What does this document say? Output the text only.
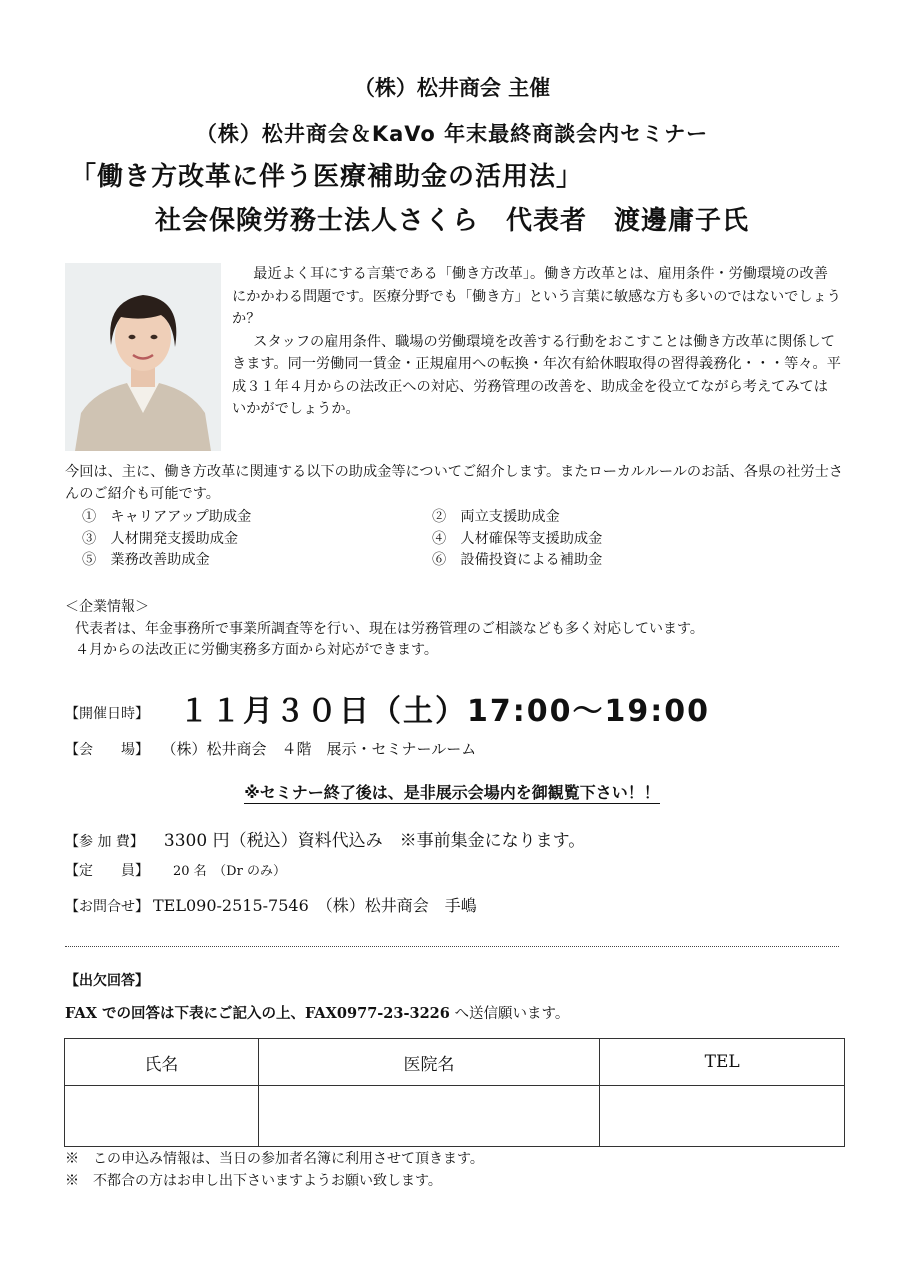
（株）松井商会 主催
（株）松井商会＆KaVo 年末最終商談会内セミナー
「働き方改革に伴う医療補助金の活用法」
社会保険労務士法人さくら　代表者　渡邊庸子氏

最近よく耳にする言葉である「働き方改革」。働き方改革とは、雇用条件・労働環境の改善にかかわる問題です。医療分野でも「働き方」という言葉に敏感な方も多いのではないでしょうか？

スタッフの雇用条件、職場の労働環境を改善する行動をおこすことは働き方改革に関係してきます。同一労働同一賃金・正規雇用への転換・年次有給休暇取得の習得義務化・・・等々。平成３１年４月からの法改正への対応、労務管理の改善を、助成金を役立てながら考えてみてはいかがでしょうか。

今回は、主に、働き方改革に関連する以下の助成金等についてご紹介します。またローカルルールのお話、各県の社労士さんのご紹介も可能です。
①　キャリアアップ助成金	②　両立支援助成金
③　人材開発支援助成金	④　人材確保等支援助成金
⑤　業務改善助成金	⑥　設備投資による補助金
＜企業情報＞
代表者は、年金事務所で事業所調査等を行い、現在は労務管理のご相談なども多く対応しています。
４月からの法改正に労働実務多方面から対応ができます。
【開催日時】 １１月３０日（土）17:00〜19:00
【会　　場】 （株）松井商会　４階　展示・セミナールーム
※セミナー終了後は、是非展示会場内を御観覧下さい！！
【参 加 費】 3300 円（税込）資料代込み　※事前集金になります。
【定　　員】 20 名　（Dr のみ）
【お問合せ】 TEL090-2515-7546　（株）松井商会　手嶋
【出欠回答】
FAX での回答は下表にご記入の上、FAX0977-23-3226 へ送信願います。
氏名	医院名	TEL

※　この申込み情報は、当日の参加者名簿に利用させて頂きます。
※　不都合の方はお申し出下さいますようお願い致します。
